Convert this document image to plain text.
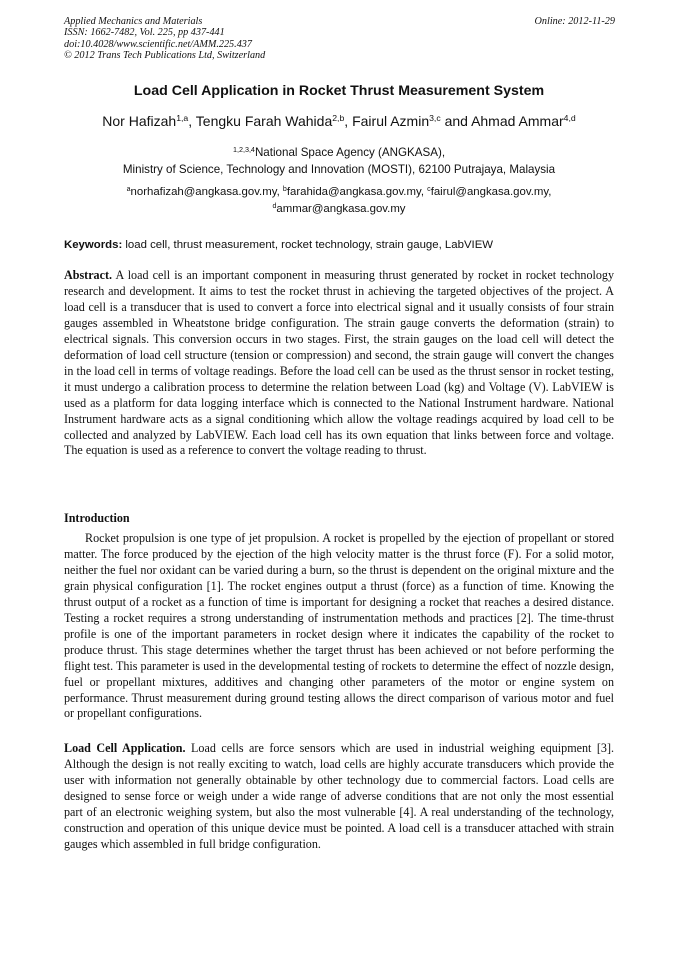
Applied Mechanics and Materials
ISSN: 1662-7482, Vol. 225, pp 437-441
doi:10.4028/www.scientific.net/AMM.225.437
© 2012 Trans Tech Publications Ltd, Switzerland
Online: 2012-11-29
Load Cell Application in Rocket Thrust Measurement System
Nor Hafizah$^{1,a}$, Tengku Farah Wahida$^{2,b}$, Fairul Azmin$^{3,c}$ and Ahmad Ammar$^{4,d}$
$^{1,2,3,4}$National Space Agency (ANGKASA),
Ministry of Science, Technology and Innovation (MOSTI), 62100 Putrajaya, Malaysia
$^a$norhafizah@angkasa.gov.my, $^b$farahida@angkasa.gov.my, $^c$fairul@angkasa.gov.my,
$^d$ammar@angkasa.gov.my
Keywords: load cell, thrust measurement, rocket technology, strain gauge, LabVIEW

Abstract. A load cell is an important component in measuring thrust generated by rocket in rocket technology research and development. It aims to test the rocket thrust in achieving the targeted objectives of the project. A load cell is a transducer that is used to convert a force into electrical signal and it usually consists of four strain gauges assembled in Wheatstone bridge configuration. The strain gauge converts the deformation (strain) to electrical signals. This conversion occurs in two stages. First, the strain gauges on the load cell will detect the deformation of load cell structure (tension or compression) and second, the strain gauge will convert the changes in the load cell in terms of voltage readings. Before the load cell can be used as the thrust sensor in rocket testing, it must undergo a calibration process to determine the relation between Load (kg) and Voltage (V). LabVIEW is used as a platform for data logging interface which is connected to the National Instrument hardware. National Instrument hardware acts as a signal conditioning which allow the voltage readings acquired by load cell to be collected and analyzed by LabVIEW. Each load cell has its own equation that links between force and voltage. The equation is used as a reference to convert the voltage reading to thrust.

Introduction

Rocket propulsion is one type of jet propulsion. A rocket is propelled by the ejection of propellant or stored matter. The force produced by the ejection of the high velocity matter is the thrust force (F). For a solid motor, neither the fuel nor oxidant can be varied during a burn, so the thrust is dependent on the original mixture and the grain physical configuration [1]. The rocket engines output a thrust (force) as a function of time. Knowing the thrust output of a rocket as a function of time is important for designing a rocket that reaches a desired distance. Testing a rocket requires a strong understanding of instrumentation methods and practices [2]. The time-thrust profile is one of the important parameters in rocket design where it indicates the capability of the rocket to produce thrust. This stage determines whether the target thrust has been achieved or not before performing the flight test. This parameter is used in the developmental testing of rockets to determine the effect of nozzle design, fuel or propellant mixtures, additives and changing other parameters of the motor or engine system on performance. Thrust measurement during ground testing allows the direct comparison of various motor and fuel or propellant configurations.

Load Cell Application. Load cells are force sensors which are used in industrial weighing equipment [3]. Although the design is not really exciting to watch, load cells are highly accurate transducers which provide the user with information not generally obtainable by other technology due to commercial factors. Load cells are designed to sense force or weigh under a wide range of adverse conditions that are not only the most essential part of an electronic weighing system, but also the most vulnerable [4]. A real understanding of the technology, construction and operation of this unique device must be pointed. A load cell is a transducer attached with strain gauges which assembled in full bridge configuration.
